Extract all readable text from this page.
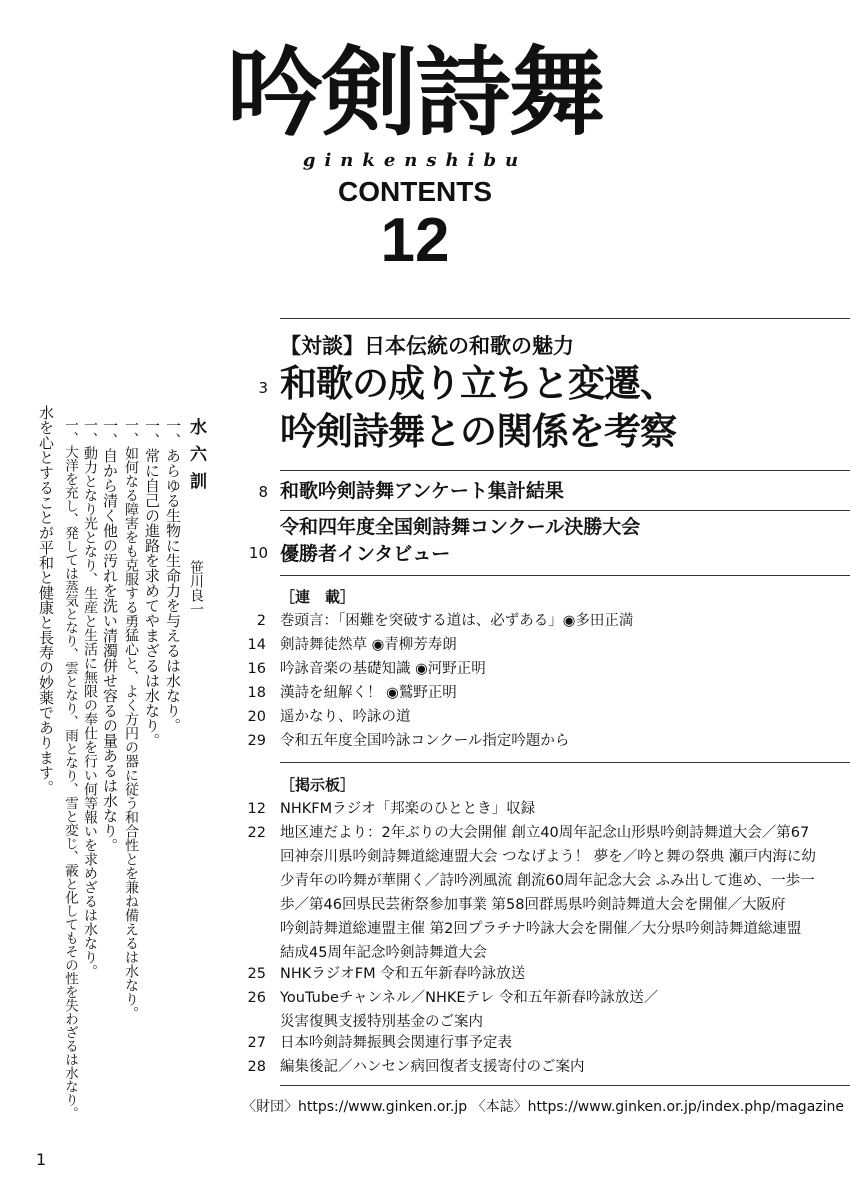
吟剣詩舞
ginkenshibu
CONTENTS
12
【対談】日本伝統の和歌の魅力
3 和歌の成り立ちと変遷、
吟剣詩舞との関係を考察
8 和歌吟剣詩舞アンケート集計結果
10
令和四年度全国剣詩舞コンクール決勝大会
優勝者インタビュー
［連　載］
2 巻頭言：「困難を突破する道は、必ずある」◉多田正満
14 剣詩舞徒然草 ◉青柳芳寿朗
16 吟詠音楽の基礎知識 ◉河野正明
18 漢詩を紐解く！ ◉鷲野正明
20 遥かなり、吟詠の道
29 令和五年度全国吟詠コンクール指定吟題から
［掲示板］
12 NHKFMラジオ「邦楽のひととき」収録
22 地区連だより：2年ぶりの大会開催 創立40周年記念山形県吟剣詩舞道大会／第67
回神奈川県吟剣詩舞道総連盟大会 つなげよう！ 夢を／吟と舞の祭典 瀬戸内海に幼
少青年の吟舞が華開く／詩吟冽風流 創流60周年記念大会 ふみ出して進め、一歩一
歩／第46回県民芸術祭参加事業 第58回群馬県吟剣詩舞道大会を開催／大阪府
吟剣詩舞道総連盟主催 第2回プラチナ吟詠大会を開催／大分県吟剣詩舞道総連盟
結成45周年記念吟剣詩舞道大会
25 NHKラジオFM 令和五年新春吟詠放送
26 YouTubeチャンネル／NHKEテレ 令和五年新春吟詠放送／
災害復興支援特別基金のご案内
27 日本吟剣詩舞振興会関連行事予定表
28 編集後記／ハンセン病回復者支援寄付のご案内
〈財団〉https://www.ginken.or.jp 〈本誌〉https://www.ginken.or.jp/index.php/magazine
水六訓
笹川良一
一、あらゆる生物に生命力を与えるは水なり。
一、常に自己の進路を求めてやまざるは水なり。
一、如何なる障害をも克服する勇猛心と、よく方円の器に従う和合性とを兼ね備えるは水なり。
一、自から清く他の汚れを洗い清濁併せ容るの量あるは水なり。
一、動力となり光となり、生産と生活に無限の奉仕を行い何等報いを求めざるは水なり。
一、大洋を充し、発しては蒸気となり、雲となり、雨となり、雪と変じ、霰と化してもその性を失わざるは水なり。
水を心とすることが平和と健康と長寿の妙薬であります。
1
